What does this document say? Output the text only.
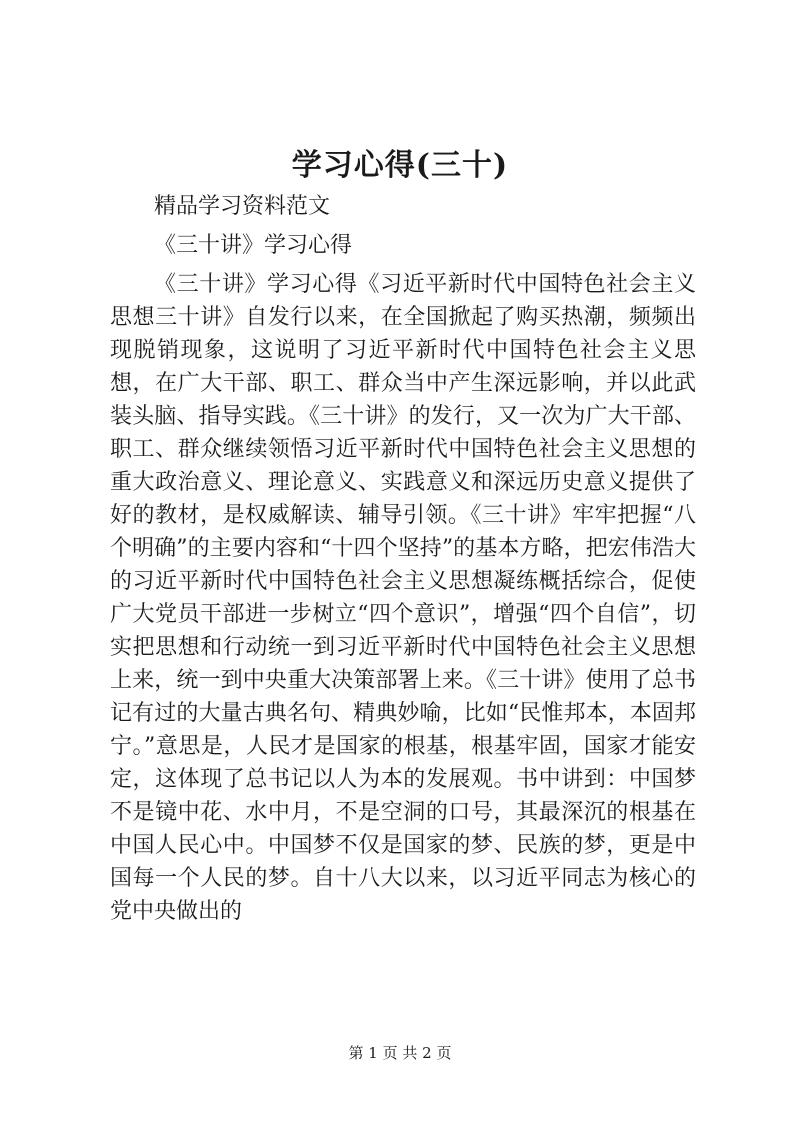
学习心得(三十)

精品学习资料范文

《三十讲》学习心得

《三十讲》学习心得《习近平新时代中国特色社会主义思想三十讲》自发行以来，在全国掀起了购买热潮，频频出现脱销现象，这说明了习近平新时代中国特色社会主义思想，在广大干部、职工、群众当中产生深远影响，并以此武装头脑、指导实践。《三十讲》的发行，又一次为广大干部、职工、群众继续领悟习近平新时代中国特色社会主义思想的重大政治意义、理论意义、实践意义和深远历史意义提供了好的教材，是权威解读、辅导引领。《三十讲》牢牢把握“八个明确”的主要内容和“十四个坚持”的基本方略，把宏伟浩大的习近平新时代中国特色社会主义思想凝练概括综合，促使广大党员干部进一步树立“四个意识”，增强“四个自信”，切实把思想和行动统一到习近平新时代中国特色社会主义思想上来，统一到中央重大决策部署上来。《三十讲》使用了总书记有过的大量古典名句、精典妙喻，比如“民惟邦本，本固邦宁。”意思是，人民才是国家的根基，根基牢固，国家才能安定，这体现了总书记以人为本的发展观。书中讲到：中国梦不是镜中花、水中月，不是空洞的口号，其最深沉的根基在中国人民心中。中国梦不仅是国家的梦、民族的梦，更是中国每一个人民的梦。自十八大以来，以习近平同志为核心的党中央做出的

第 1 页 共 2 页
